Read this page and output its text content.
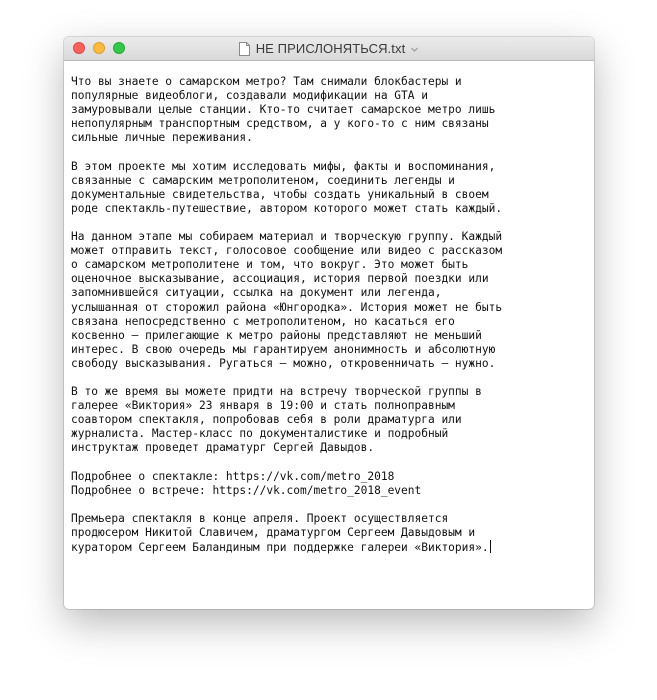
НЕ ПРИСЛОНЯТЬСЯ.txt
Что вы знаете о самарском метро? Там снимали блокбастеры и
популярные видеоблоги, создавали модификации на GTA и
замуровывали целые станции. Кто-то считает самарское метро лишь
непопулярным транспортным средством, а у кого-то с ним связаны
сильные личные переживания.
В этом проекте мы хотим исследовать мифы, факты и воспоминания,
связанные с самарским метрополитеном, соединить легенды и
документальные свидетельства, чтобы создать уникальный в своем
роде спектакль-путешествие, автором которого может стать каждый.
На данном этапе мы собираем материал и творческую группу. Каждый
может отправить текст, голосовое сообщение или видео с рассказом
о самарском метрополитене и том, что вокруг. Это может быть
оценочное высказывание, ассоциация, история первой поездки или
запомнившейся ситуации, ссылка на документ или легенда,
услышанная от сторожил района «Юнгородка». История может не быть
связана непосредственно с метрополитеном, но касаться его
косвенно — прилегающие к метро районы представляют не меньший
интерес. В свою очередь мы гарантируем анонимность и абсолютную
свободу высказывания. Ругаться — можно, откровенничать — нужно.
В то же время вы можете придти на встречу творческой группы в
галерее «Виктория» 23 января в 19:00 и стать полноправным
соавтором спектакля, попробовав себя в роли драматурга или
журналиста. Мастер-класс по документалистике и подробный
инструктаж проведет драматург Сергей Давыдов.
Подробнее о спектакле: https://vk.com/metro_2018
Подробнее о встрече: https://vk.com/metro_2018_event
Премьера спектакля в конце апреля. Проект осуществляется
продюсером Никитой Славичем, драматургом Сергеем Давыдовым и
куратором Сергеем Баландиным при поддержке галереи «Виктория».
